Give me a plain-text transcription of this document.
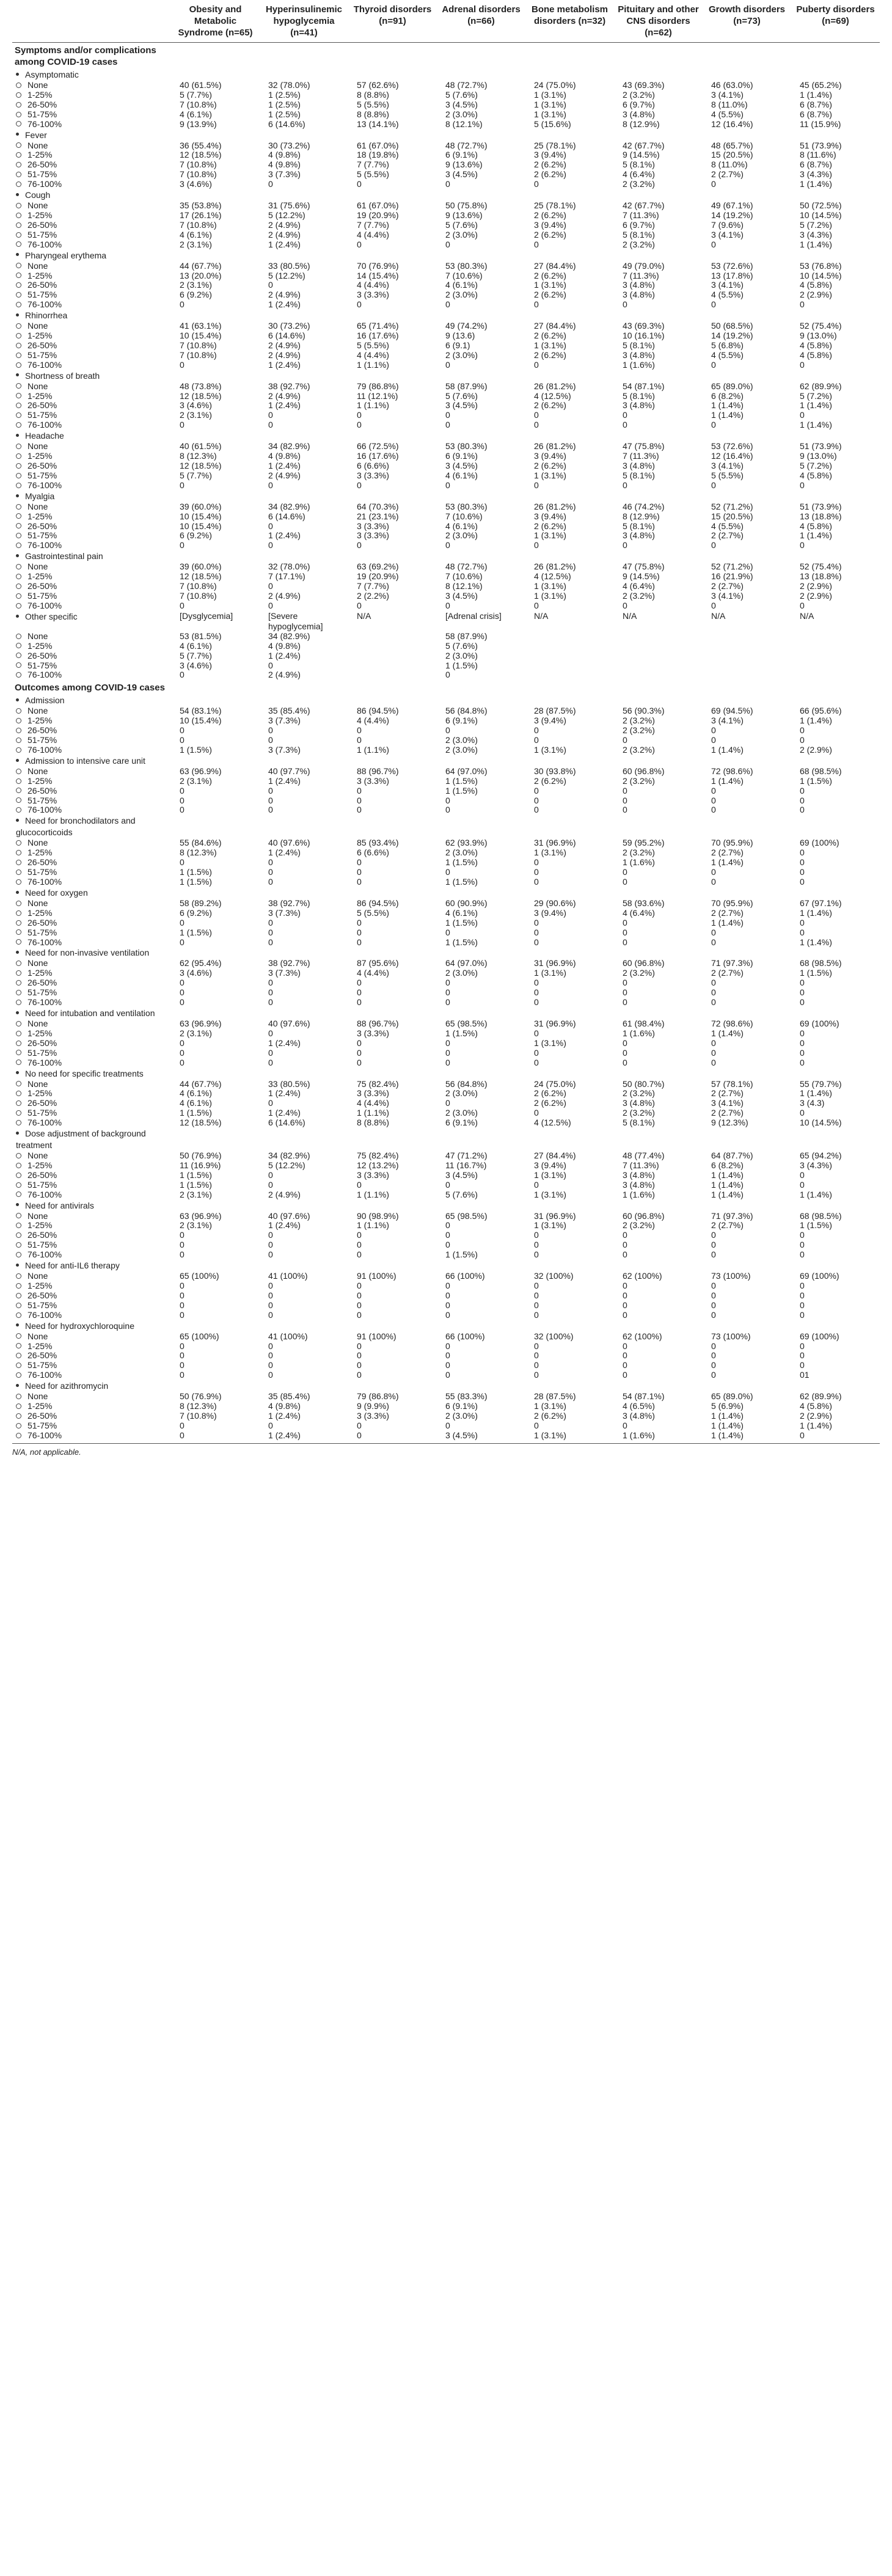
	Obesity and Metabolic Syndrome (n=65)	Hyperinsulinemic hypoglycemia (n=41)	Thyroid disorders (n=91)	Adrenal disorders (n=66)	Bone metabolism disorders (n=32)	Pituitary and other CNS disorders (n=62)	Growth disorders (n=73)	Puberty disorders (n=69)
Symptoms and/or complications among COVID-19 cases								
Asymptomatic								
None	40 (61.5%)	32 (78.0%)	57 (62.6%)	48 (72.7%)	24 (75.0%)	43 (69.3%)	46 (63.0%)	45 (65.2%)
1-25%	5 (7.7%)	1 (2.5%)	8 (8.8%)	5 (7.6%)	1 (3.1%)	2 (3.2%)	3 (4.1%)	1 (1.4%)
26-50%	7 (10.8%)	1 (2.5%)	5 (5.5%)	3 (4.5%)	1 (3.1%)	6 (9.7%)	8 (11.0%)	6 (8.7%)
51-75%	4 (6.1%)	1 (2.5%)	8 (8.8%)	2 (3.0%)	1 (3.1%)	3 (4.8%)	4 (5.5%)	6 (8.7%)
76-100%	9 (13.9%)	6 (14.6%)	13 (14.1%)	8 (12.1%)	5 (15.6%)	8 (12.9%)	12 (16.4%)	11 (15.9%)
Fever								
None	36 (55.4%)	30 (73.2%)	61 (67.0%)	48 (72.7%)	25 (78.1%)	42 (67.7%)	48 (65.7%)	51 (73.9%)
1-25%	12 (18.5%)	4 (9.8%)	18 (19.8%)	6 (9.1%)	3 (9.4%)	9 (14.5%)	15 (20.5%)	8 (11.6%)
26-50%	7 (10.8%)	4 (9.8%)	7 (7.7%)	9 (13.6%)	2 (6.2%)	5 (8.1%)	8 (11.0%)	6 (8.7%)
51-75%	7 (10.8%)	3 (7.3%)	5 (5.5%)	3 (4.5%)	2 (6.2%)	4 (6.4%)	2 (2.7%)	3 (4.3%)
76-100%	3 (4.6%)	0	0	0	0	2 (3.2%)	0	1 (1.4%)
Cough								
None	35 (53.8%)	31 (75.6%)	61 (67.0%)	50 (75.8%)	25 (78.1%)	42 (67.7%)	49 (67.1%)	50 (72.5%)
1-25%	17 (26.1%)	5 (12.2%)	19 (20.9%)	9 (13.6%)	2 (6.2%)	7 (11.3%)	14 (19.2%)	10 (14.5%)
26-50%	7 (10.8%)	2 (4.9%)	7 (7.7%)	5 (7.6%)	3 (9.4%)	6 (9.7%)	7 (9.6%)	5 (7.2%)
51-75%	4 (6.1%)	2 (4.9%)	4 (4.4%)	2 (3.0%)	2 (6.2%)	5 (8.1%)	3 (4.1%)	3 (4.3%)
76-100%	2 (3.1%)	1 (2.4%)	0	0	0	2 (3.2%)	0	1 (1.4%)
Pharyngeal erythema								
None	44 (67.7%)	33 (80.5%)	70 (76.9%)	53 (80.3%)	27 (84.4%)	49 (79.0%)	53 (72.6%)	53 (76.8%)
1-25%	13 (20.0%)	5 (12.2%)	14 (15.4%)	7 (10.6%)	2 (6.2%)	7 (11.3%)	13 (17.8%)	10 (14.5%)
26-50%	2 (3.1%)	0	4 (4.4%)	4 (6.1%)	1 (3.1%)	3 (4.8%)	3 (4.1%)	4 (5.8%)
51-75%	6 (9.2%)	2 (4.9%)	3 (3.3%)	2 (3.0%)	2 (6.2%)	3 (4.8%)	4 (5.5%)	2 (2.9%)
76-100%	0	1 (2.4%)	0	0	0	0	0	0
Rhinorrhea								
None	41 (63.1%)	30 (73.2%)	65 (71.4%)	49 (74.2%)	27 (84.4%)	43 (69.3%)	50 (68.5%)	52 (75.4%)
1-25%	10 (15.4%)	6 (14.6%)	16 (17.6%)	9 (13.6)	2 (6.2%)	10 (16.1%)	14 (19.2%)	9 (13.0%)
26-50%	7 (10.8%)	2 (4.9%)	5 (5.5%)	6 (9.1)	1 (3.1%)	5 (8.1%)	5 (6.8%)	4 (5.8%)
51-75%	7 (10.8%)	2 (4.9%)	4 (4.4%)	2 (3.0%)	2 (6.2%)	3 (4.8%)	4 (5.5%)	4 (5.8%)
76-100%	0	1 (2.4%)	1 (1.1%)	0	0	1 (1.6%)	0	0
Shortness of breath								
None	48 (73.8%)	38 (92.7%)	79 (86.8%)	58 (87.9%)	26 (81.2%)	54 (87.1%)	65 (89.0%)	62 (89.9%)
1-25%	12 (18.5%)	2 (4.9%)	11 (12.1%)	5 (7.6%)	4 (12.5%)	5 (8.1%)	6 (8.2%)	5 (7.2%)
26-50%	3 (4.6%)	1 (2.4%)	1 (1.1%)	3 (4.5%)	2 (6.2%)	3 (4.8%)	1 (1.4%)	1 (1.4%)
51-75%	2 (3.1%)	0	0	0	0	0	1 (1.4%)	0
76-100%	0	0	0	0	0	0	0	1 (1.4%)
Headache								
None	40 (61.5%)	34 (82.9%)	66 (72.5%)	53 (80.3%)	26 (81.2%)	47 (75.8%)	53 (72.6%)	51 (73.9%)
1-25%	8 (12.3%)	4 (9.8%)	16 (17.6%)	6 (9.1%)	3 (9.4%)	7 (11.3%)	12 (16.4%)	9 (13.0%)
26-50%	12 (18.5%)	1 (2.4%)	6 (6.6%)	3 (4.5%)	2 (6.2%)	3 (4.8%)	3 (4.1%)	5 (7.2%)
51-75%	5 (7.7%)	2 (4.9%)	3 (3.3%)	4 (6.1%)	1 (3.1%)	5 (8.1%)	5 (5.5%)	4 (5.8%)
76-100%	0	0	0	0	0	0	0	0
Myalgia								
None	39 (60.0%)	34 (82.9%)	64 (70.3%)	53 (80.3%)	26 (81.2%)	46 (74.2%)	52 (71.2%)	51 (73.9%)
1-25%	10 (15.4%)	6 (14.6%)	21 (23.1%)	7 (10.6%)	3 (9.4%)	8 (12.9%)	15 (20.5%)	13 (18.8%)
26-50%	10 (15.4%)	0	3 (3.3%)	4 (6.1%)	2 (6.2%)	5 (8.1%)	4 (5.5%)	4 (5.8%)
51-75%	6 (9.2%)	1 (2.4%)	3 (3.3%)	2 (3.0%)	1 (3.1%)	3 (4.8%)	2 (2.7%)	1 (1.4%)
76-100%	0	0	0	0	0	0	0	0
Gastrointestinal pain								
None	39 (60.0%)	32 (78.0%)	63 (69.2%)	48 (72.7%)	26 (81.2%)	47 (75.8%)	52 (71.2%)	52 (75.4%)
1-25%	12 (18.5%)	7 (17.1%)	19 (20.9%)	7 (10.6%)	4 (12.5%)	9 (14.5%)	16 (21.9%)	13 (18.8%)
26-50%	7 (10.8%)	0	7 (7.7%)	8 (12.1%)	1 (3.1%)	4 (6.4%)	2 (2.7%)	2 (2.9%)
51-75%	7 (10.8%)	2 (4.9%)	2 (2.2%)	3 (4.5%)	1 (3.1%)	2 (3.2%)	3 (4.1%)	2 (2.9%)
76-100%	0	0	0	0	0	0	0	0
Other specific	[Dysglycemia]	[Severe hypoglycemia]	N/A	[Adrenal crisis]	N/A	N/A	N/A	N/A
None	53 (81.5%)	34 (82.9%)		58 (87.9%)				
1-25%	4 (6.1%)	4 (9.8%)		5 (7.6%)				
26-50%	5 (7.7%)	1 (2.4%)		2 (3.0%)				
51-75%	3 (4.6%)	0		1 (1.5%)				
76-100%	0	2 (4.9%)		0				
Outcomes among COVID-19 cases								
Admission								
None	54 (83.1%)	35 (85.4%)	86 (94.5%)	56 (84.8%)	28 (87.5%)	56 (90.3%)	69 (94.5%)	66 (95.6%)
1-25%	10 (15.4%)	3 (7.3%)	4 (4.4%)	6 (9.1%)	3 (9.4%)	2 (3.2%)	3 (4.1%)	1 (1.4%)
26-50%	0	0	0	0	0	2 (3.2%)	0	0
51-75%	0	0	0	2 (3.0%)	0	0	0	0
76-100%	1 (1.5%)	3 (7.3%)	1 (1.1%)	2 (3.0%)	1 (3.1%)	2 (3.2%)	1 (1.4%)	2 (2.9%)
Admission to intensive care unit								
None	63 (96.9%)	40 (97.7%)	88 (96.7%)	64 (97.0%)	30 (93.8%)	60 (96.8%)	72 (98.6%)	68 (98.5%)
1-25%	2 (3.1%)	1 (2.4%)	3 (3.3%)	1 (1.5%)	2 (6.2%)	2 (3.2%)	1 (1.4%)	1 (1.5%)
26-50%	0	0	0	1 (1.5%)	0	0	0	0
51-75%	0	0	0	0	0	0	0	0
76-100%	0	0	0	0	0	0	0	0
Need for bronchodilators and glucocorticoids								
None	55 (84.6%)	40 (97.6%)	85 (93.4%)	62 (93.9%)	31 (96.9%)	59 (95.2%)	70 (95.9%)	69 (100%)
1-25%	8 (12.3%)	1 (2.4%)	6 (6.6%)	2 (3.0%)	1 (3.1%)	2 (3.2%)	2 (2.7%)	0
26-50%	0	0	0	1 (1.5%)	0	1 (1.6%)	1 (1.4%)	0
51-75%	1 (1.5%)	0	0	0	0	0	0	0
76-100%	1 (1.5%)	0	0	1 (1.5%)	0	0	0	0
Need for oxygen								
None	58 (89.2%)	38 (92.7%)	86 (94.5%)	60 (90.9%)	29 (90.6%)	58 (93.6%)	70 (95.9%)	67 (97.1%)
1-25%	6 (9.2%)	3 (7.3%)	5 (5.5%)	4 (6.1%)	3 (9.4%)	4 (6.4%)	2 (2.7%)	1 (1.4%)
26-50%	0	0	0	1 (1.5%)	0	0	1 (1.4%)	0
51-75%	1 (1.5%)	0	0	0	0	0	0	0
76-100%	0	0	0	1 (1.5%)	0	0	0	1 (1.4%)
Need for non-invasive ventilation								
None	62 (95.4%)	38 (92.7%)	87 (95.6%)	64 (97.0%)	31 (96.9%)	60 (96.8%)	71 (97.3%)	68 (98.5%)
1-25%	3 (4.6%)	3 (7.3%)	4 (4.4%)	2 (3.0%)	1 (3.1%)	2 (3.2%)	2 (2.7%)	1 (1.5%)
26-50%	0	0	0	0	0	0	0	0
51-75%	0	0	0	0	0	0	0	0
76-100%	0	0	0	0	0	0	0	0
Need for intubation and ventilation								
None	63 (96.9%)	40 (97.6%)	88 (96.7%)	65 (98.5%)	31 (96.9%)	61 (98.4%)	72 (98.6%)	69 (100%)
1-25%	2 (3.1%)	0	3 (3.3%)	1 (1.5%)	0	1 (1.6%)	1 (1.4%)	0
26-50%	0	1 (2.4%)	0	0	1 (3.1%)	0	0	0
51-75%	0	0	0	0	0	0	0	0
76-100%	0	0	0	0	0	0	0	0
No need for specific treatments								
None	44 (67.7%)	33 (80.5%)	75 (82.4%)	56 (84.8%)	24 (75.0%)	50 (80.7%)	57 (78.1%)	55 (79.7%)
1-25%	4 (6.1%)	1 (2.4%)	3 (3.3%)	2 (3.0%)	2 (6.2%)	2 (3.2%)	2 (2.7%)	1 (1.4%)
26-50%	4 (6.1%)	0	4 (4.4%)	0	2 (6.2%)	3 (4.8%)	3 (4.1%)	3 (4.3)
51-75%	1 (1.5%)	1 (2.4%)	1 (1.1%)	2 (3.0%)	0	2 (3.2%)	2 (2.7%)	0
76-100%	12 (18.5%)	6 (14.6%)	8 (8.8%)	6 (9.1%)	4 (12.5%)	5 (8.1%)	9 (12.3%)	10 (14.5%)
Dose adjustment of background treatment								
None	50 (76.9%)	34 (82.9%)	75 (82.4%)	47 (71.2%)	27 (84.4%)	48 (77.4%)	64 (87.7%)	65 (94.2%)
1-25%	11 (16.9%)	5 (12.2%)	12 (13.2%)	11 (16.7%)	3 (9.4%)	7 (11.3%)	6 (8.2%)	3 (4.3%)
26-50%	1 (1.5%)	0	3 (3.3%)	3 (4.5%)	1 (3.1%)	3 (4.8%)	1 (1.4%)	0
51-75%	1 (1.5%)	0	0	0	0	3 (4.8%)	1 (1.4%)	0
76-100%	2 (3.1%)	2 (4.9%)	1 (1.1%)	5 (7.6%)	1 (3.1%)	1 (1.6%)	1 (1.4%)	1 (1.4%)
Need for antivirals								
None	63 (96.9%)	40 (97.6%)	90 (98.9%)	65 (98.5%)	31 (96.9%)	60 (96.8%)	71 (97.3%)	68 (98.5%)
1-25%	2 (3.1%)	1 (2.4%)	1 (1.1%)	0	1 (3.1%)	2 (3.2%)	2 (2.7%)	1 (1.5%)
26-50%	0	0	0	0	0	0	0	0
51-75%	0	0	0	0	0	0	0	0
76-100%	0	0	0	1 (1.5%)	0	0	0	0
Need for anti-IL6 therapy								
None	65 (100%)	41 (100%)	91 (100%)	66 (100%)	32 (100%)	62 (100%)	73 (100%)	69 (100%)
1-25%	0	0	0	0	0	0	0	0
26-50%	0	0	0	0	0	0	0	0
51-75%	0	0	0	0	0	0	0	0
76-100%	0	0	0	0	0	0	0	0
Need for hydroxychloroquine								
None	65 (100%)	41 (100%)	91 (100%)	66 (100%)	32 (100%)	62 (100%)	73 (100%)	69 (100%)
1-25%	0	0	0	0	0	0	0	0
26-50%	0	0	0	0	0	0	0	0
51-75%	0	0	0	0	0	0	0	0
76-100%	0	0	0	0	0	0	0	01
Need for azithromycin								
None	50 (76.9%)	35 (85.4%)	79 (86.8%)	55 (83.3%)	28 (87.5%)	54 (87.1%)	65 (89.0%)	62 (89.9%)
1-25%	8 (12.3%)	4 (9.8%)	9 (9.9%)	6 (9.1%)	1 (3.1%)	4 (6.5%)	5 (6.9%)	4 (5.8%)
26-50%	7 (10.8%)	1 (2.4%)	3 (3.3%)	2 (3.0%)	2 (6.2%)	3 (4.8%)	1 (1.4%)	2 (2.9%)
51-75%	0	0	0	0	0	0	1 (1.4%)	1 (1.4%)
76-100%	0	1 (2.4%)	0	3 (4.5%)	1 (3.1%)	1 (1.6%)	1 (1.4%)	0
N/A, not applicable.
